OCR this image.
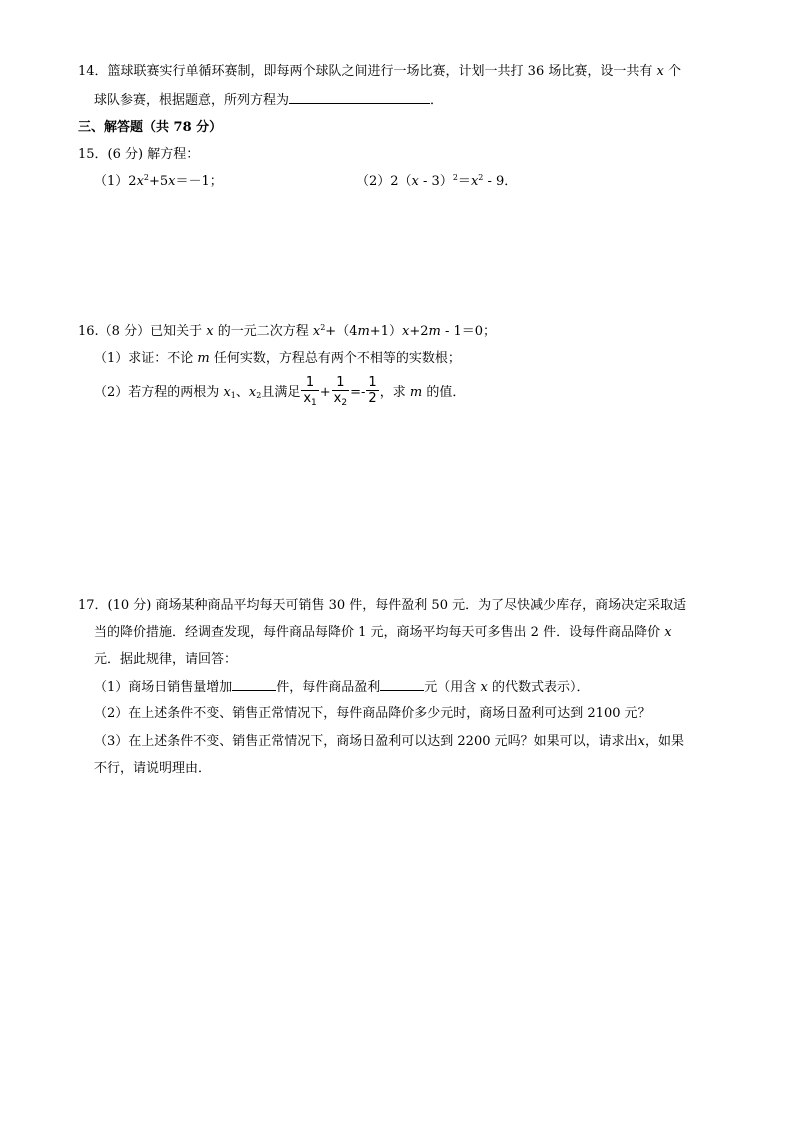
14．篮球联赛实行单循环赛制，即每两个球队之间进行一场比赛，计划一共打 36 场比赛，设一共有 x 个
球队参赛，根据题意，所列方程为	．
三、解答题（共 78 分）
15．(6 分) 解方程：
$(1)2x^2+5x=-1$；	$(2)2(x - 3)^2=x^2 - 9$．
16.（8 分）已知关于 x 的一元二次方程 $x^2+(4m+1)x+2m - 1=0$；
（1）求证：不论 m 任何实数，方程总有两个不相等的实数根；
（2）若方程的两根为 $x_1$、$x_2$且满足 $\frac{1}{x_1} + \frac{1}{x_2} =- \frac{1}{2}$ ，求 m 的值．
17．(10 分) 商场某种商品平均每天可销售 30 件，每件盈利 50 元．为了尽快减少库存，商场决定采取适
当的降价措施．经调查发现，每件商品每降价 1 元，商场平均每天可多售出 2 件．设每件商品降价 x
元．据此规律，请回答：
（1）商场日销售量增加	件，每件商品盈利	元（用含 x 的代数式表示）．
（2）在上述条件不变、销售正常情况下，每件商品降价多少元时，商场日盈利可达到 2100 元？
（3）在上述条件不变、销售正常情况下，商场日盈利可以达到 2200 元吗？如果可以，请求出x，如果
不行，请说明理由．
